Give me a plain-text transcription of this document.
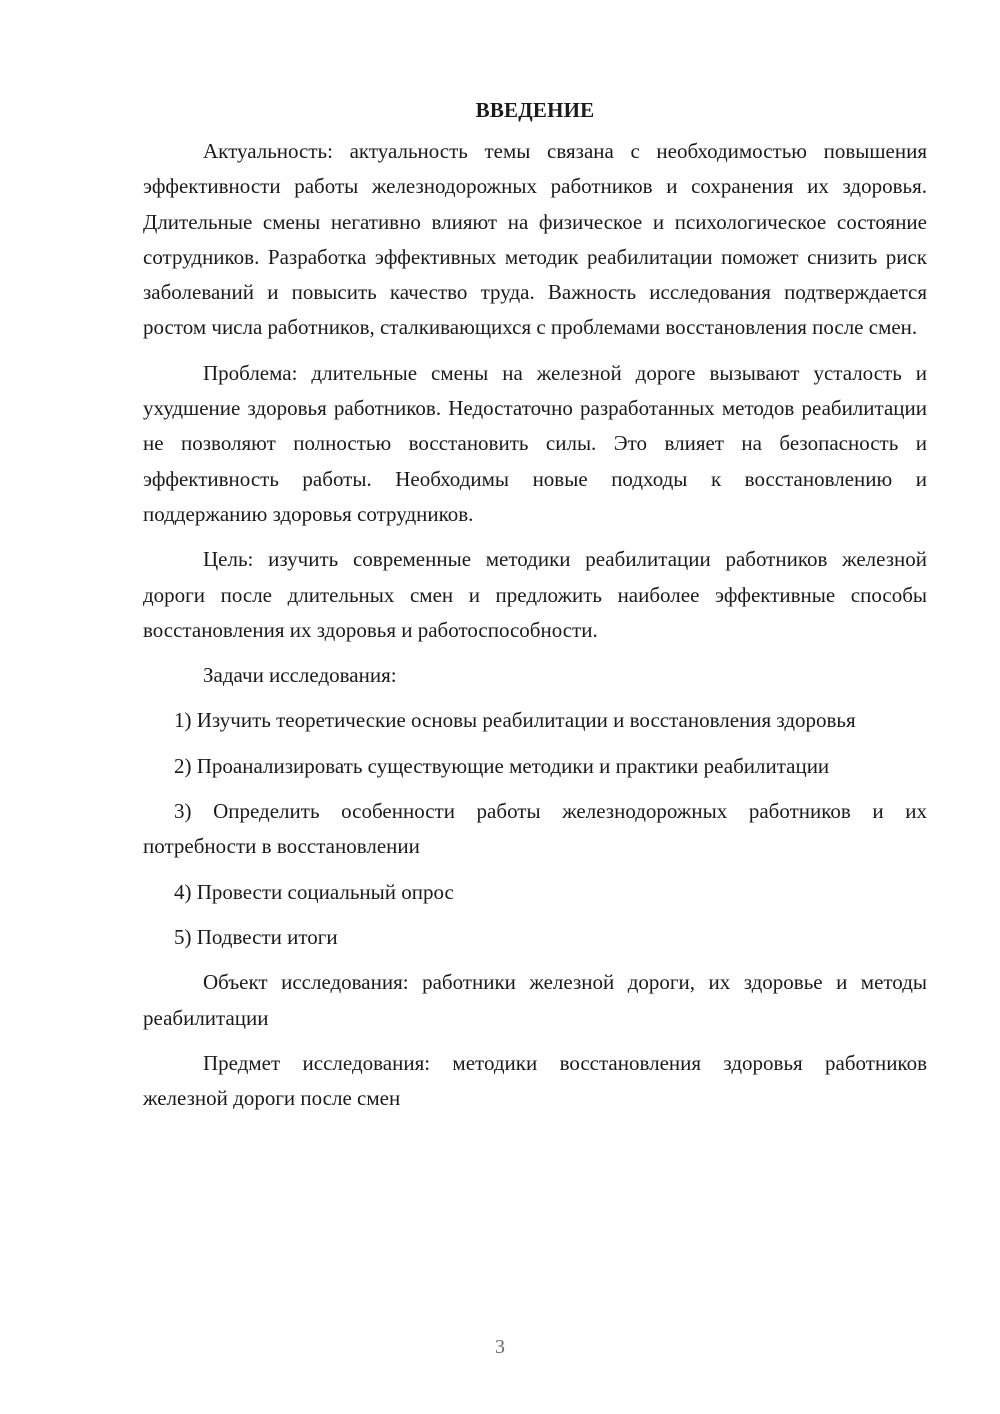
ВВЕДЕНИЕ

Актуальность: актуальность темы связана с необходимостью повышения эффективности работы железнодорожных работников и сохранения их здоровья. Длительные смены негативно влияют на физическое и психологическое состояние сотрудников. Разработка эффективных методик реабилитации поможет снизить риск заболеваний и повысить качество труда. Важность исследования подтверждается ростом числа работников, сталкивающихся с проблемами восстановления после смен.

Проблема: длительные смены на железной дороге вызывают усталость и ухудшение здоровья работников. Недостаточно разработанных методов реабилитации не позволяют полностью восстановить силы. Это влияет на безопасность и эффективность работы. Необходимы новые подходы к восстановлению и поддержанию здоровья сотрудников.

Цель: изучить современные методики реабилитации работников железной дороги после длительных смен и предложить наиболее эффективные способы восстановления их здоровья и работоспособности.

Задачи исследования:

1) Изучить теоретические основы реабилитации и восстановления здоровья

2) Проанализировать существующие методики и практики реабилитации

3) Определить особенности работы железнодорожных работников и их потребности в восстановлении

4) Провести социальный опрос

5) Подвести итоги

Объект исследования: работники железной дороги, их здоровье и методы реабилитации

Предмет исследования: методики восстановления здоровья работников железной дороги после смен

3
